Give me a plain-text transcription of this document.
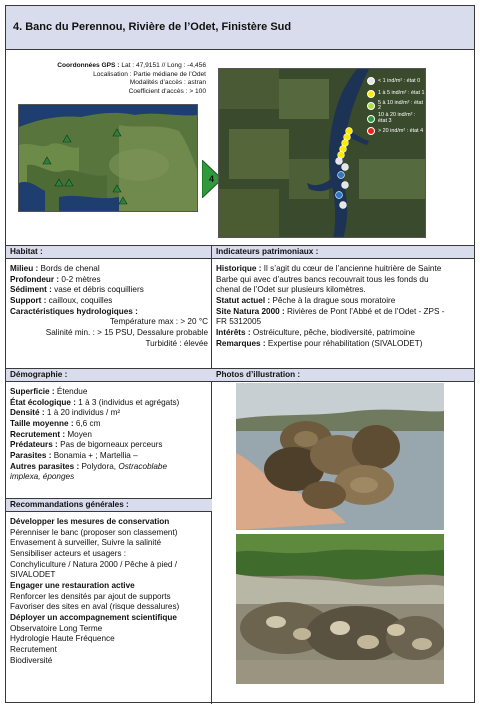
4. Banc du Perennou, Rivière de l’Odet, Finistère Sud
Coordonnées GPS : Lat : 47,9151 // Long : -4,456
Localisation : Partie médiane de l’Odet
Modalités d’accès : astran
Coefficient d’accès : > 100
4
< 1 ind/m² : état 0
1 à 5 ind/m² : état 1
5 à 10 ind/m² : état 2
10 à 20 ind/m² : état 3
> 20 ind/m² : état 4
Habitat :	Indicateurs patrimoniaux :
Milieu : Bords de chenal
Profondeur : 0-2 mètres
Sédiment : vase et débris coquilliers
Support : cailloux, coquilles
Caractéristiques hydrologiques :
Température max : > 20 °C
Salinité min. : > 15 PSU, Dessalure probable
Turbidité : élevée
Historique : Il s’agit du cœur de l’ancienne huitrière de Sainte
Barbe qui avec d’autres bancs recouvrait tous les fonds du
chenal de l’Odet sur plusieurs kilomètres.
Statut actuel : Pêche à la drague sous moratoire
Site Natura 2000 : Rivières de Pont l’Abbé et de l’Odet - ZPS -
FR 5312005
Intérêts : Ostréiculture, pêche, biodiversité, patrimoine
Remarques : Expertise pour réhabilitation (SIVALODET)
Démographie :	Photos d’illustration :
Superficie : Étendue
État écologique : 1 à 3 (individus et agrégats)
Densité : 1 à 20 individus / m²
Taille moyenne : 6,6 cm
Recrutement : Moyen
Prédateurs : Pas de bigorneaux perceurs
Parasites : Bonamia + ; Martellia –
Autres parasites : Polydora, Ostracoblabe
implexa, éponges
Recommandations générales :
Développer les mesures de conservation
Pérenniser le banc (proposer son classement)
Envasement à surveiller, Suivre la salinité
Sensibiliser acteurs et usagers :
Conchyliculture / Natura 2000 / Pêche à pied /
SIVALODET
Engager une restauration active
Renforcer les densités par ajout de supports
Favoriser des sites en aval (risque dessalures)
Déployer un accompagnement scientifique
Observatoire Long Terme
Hydrologie Haute Fréquence
Recrutement
Biodiversité
